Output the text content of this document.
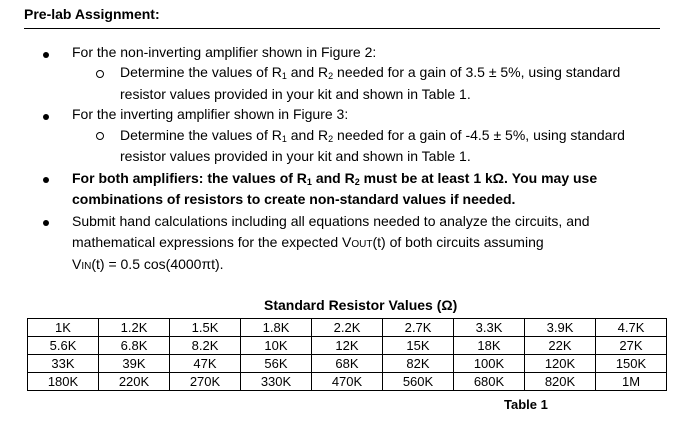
Pre-lab Assignment:
For the non-inverting amplifier shown in Figure 2:
Determine the values of $R_1$ and $R_2$ needed for a gain of 3.5 ± 5%, using standard
resistor values provided in your kit and shown in Table 1.
For the inverting amplifier shown in Figure 3:
Determine the values of $R_1$ and $R_2$ needed for a gain of -4.5 ± 5%, using standard
resistor values provided in your kit and shown in Table 1.
For both amplifiers: the values of $R_1$ and $R_2$ must be at least 1 kΩ. You may use
combinations of resistors to create non-standard values if needed.
Submit hand calculations including all equations needed to analyze the circuits, and
mathematical expressions for the expected VOUT(t) of both circuits assuming
VIN(t) = 0.5 cos(4000πt).
Standard Resistor Values (Ω)
1K	1.2K	1.5K	1.8K	2.2K	2.7K	3.3K	3.9K	4.7K
5.6K	6.8K	8.2K	10K	12K	15K	18K	22K	27K
33K	39K	47K	56K	68K	82K	100K	120K	150K
180K	220K	270K	330K	470K	560K	680K	820K	1M
Table 1
